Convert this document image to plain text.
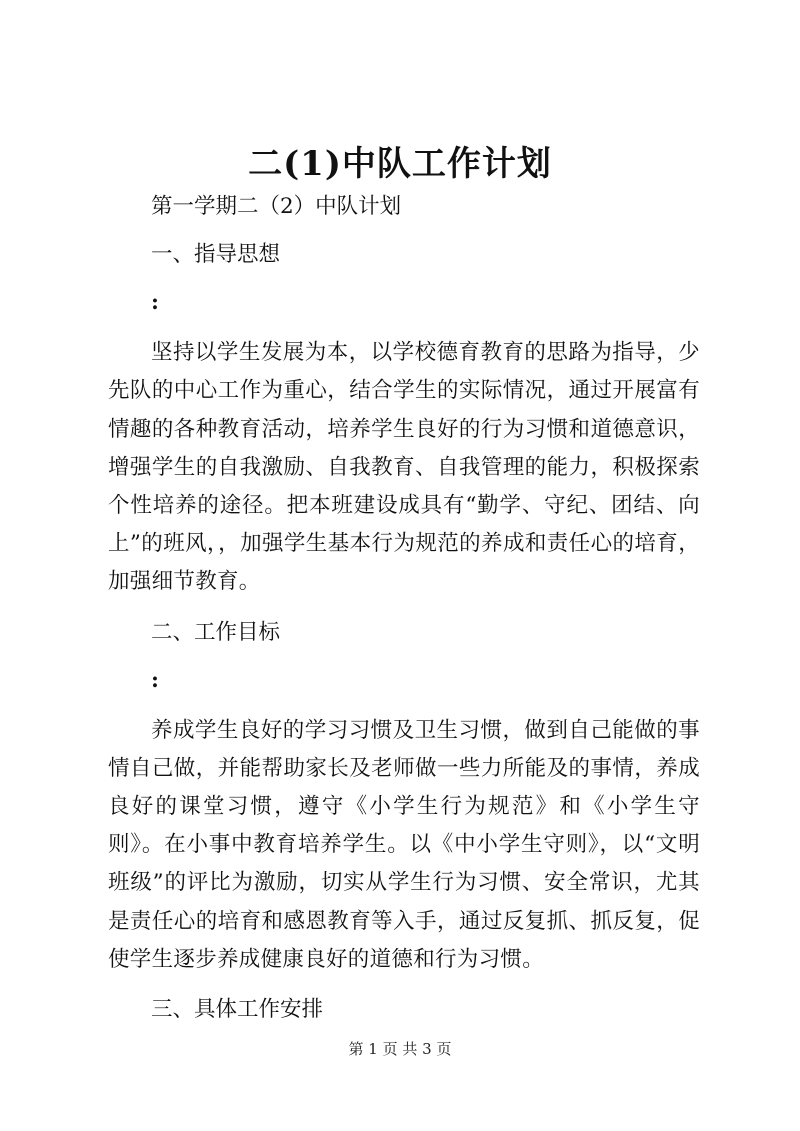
二(1)中队工作计划

第一学期二（2）中队计划

一、指导思想

:

坚持以学生发展为本，以学校德育教育的思路为指导，少先队的中心工作为重心，结合学生的实际情况，通过开展富有情趣的各种教育活动，培养学生良好的行为习惯和道德意识，增强学生的自我激励、自我教育、自我管理的能力，积极探索个性培养的途径。把本班建设成具有“勤学、守纪、团结、向上”的班风，，加强学生基本行为规范的养成和责任心的培育，加强细节教育。

二、工作目标

:

养成学生良好的学习习惯及卫生习惯，做到自己能做的事情自己做，并能帮助家长及老师做一些力所能及的事情，养成良好的课堂习惯，遵守《小学生行为规范》和《小学生守则》。在小事中教育培养学生。以《中小学生守则》，以“文明班级”的评比为激励，切实从学生行为习惯、安全常识，尤其是责任心的培育和感恩教育等入手，通过反复抓、抓反复，促使学生逐步养成健康良好的道德和行为习惯。

三、具体工作安排

第 1 页 共 3 页
